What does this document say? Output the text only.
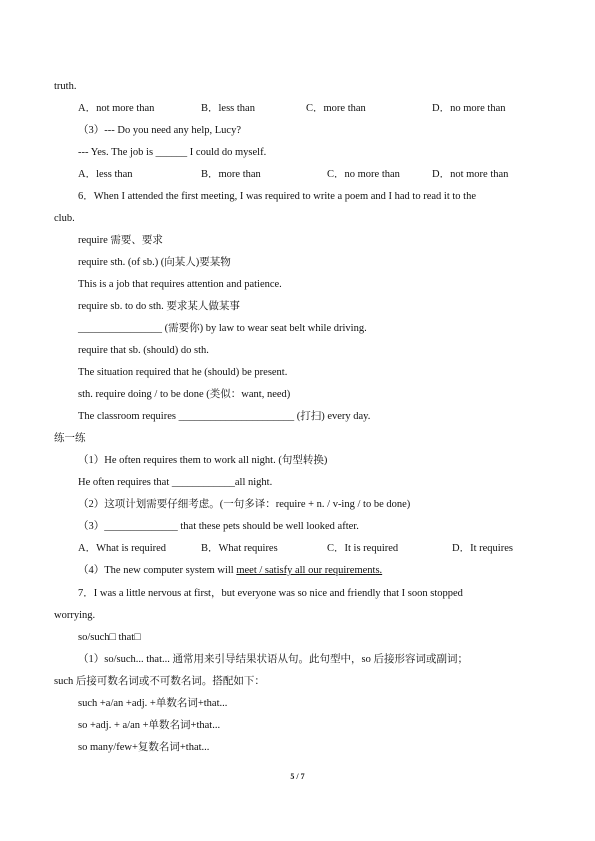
truth.
（3）--- Do you need any help, Lucy?
--- Yes. The job is ______ I could do myself.
6．When I attended the first meeting, I was required to write a poem and I had to read it to the
club.
require 需要、要求
require sth. (of sb.) (向某人)要某物
This is a job that requires attention and patience.
require sb. to do sth. 要求某人做某事
________________ (需要你) by law to wear seat belt while driving.
require that sb. (should) do sth.
The situation required that he (should) be present.
sth. require doing / to be done (类似：want, need)
The classroom requires ______________________ (打扫) every day.
练一练
（1）He often requires them to work all night. (句型转换)
He often requires that ____________all night.
（2）这项计划需要仔细考虑。(一句多译：require + n. / v-ing / to be done)
（3）______________ that these pets should be well looked after.
7．I was a little nervous at first，but everyone was so nice and friendly that I soon stopped
worrying.
so/such□ that□
（1）so/such... that... 通常用来引导结果状语从句。此句型中，so 后接形容词或副词；
such 后接可数名词或不可数名词。搭配如下：
such +a/an +adj. +单数名词+that...
so +adj. + a/an +单数名词+that...
so many/few+复数名词+that...
A．not more than	B．less than	C．more than	D．no more than
A．less than	B．more than	C．no more than	D．not more than
A．What is required	B．What requires	C．It is required	D．It requires
（4）The new computer system will meet / satisfy all our requirements.
5 / 7
